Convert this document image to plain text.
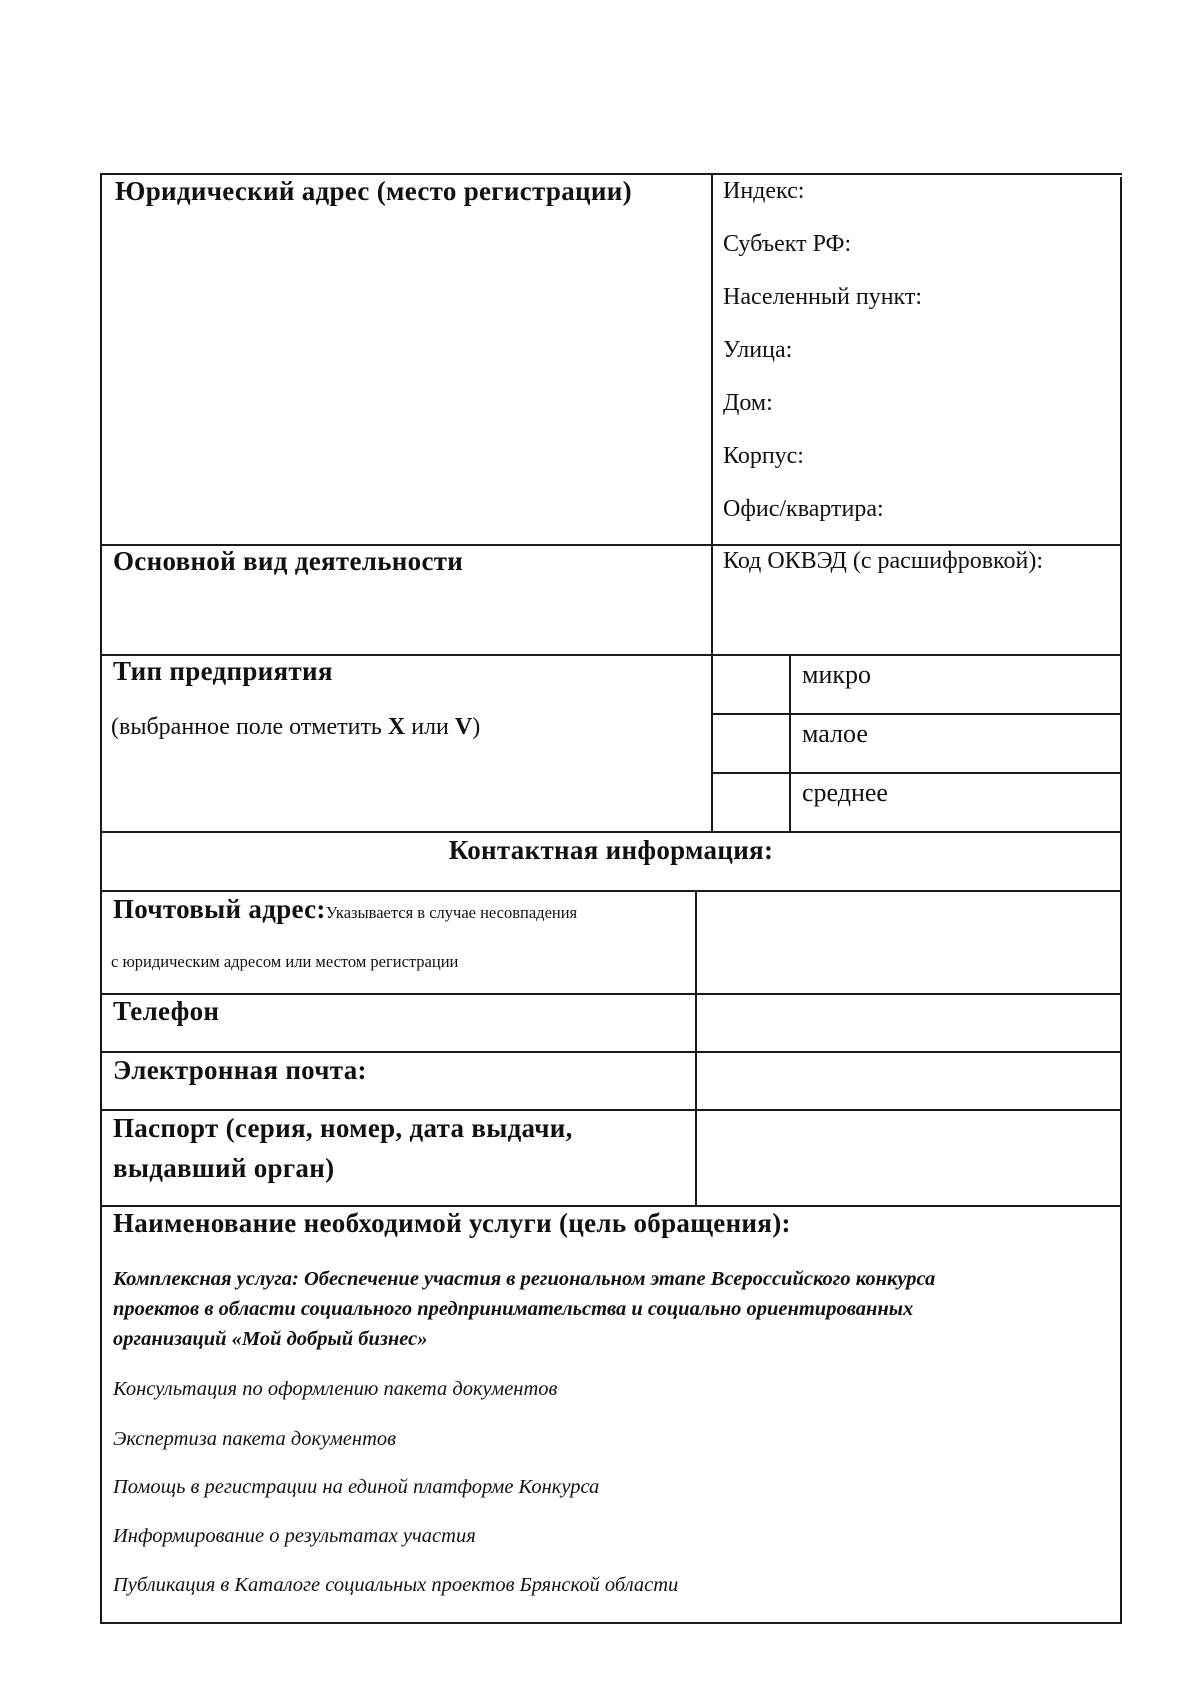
Юридический адрес (место регистрации)	Индекс:
Субъект РФ:
Населенный пункт:
Улица:
Дом:
Корпус:
Офис/квартира:
Основной вид деятельности	Код ОКВЭД (с расшифровкой):
Тип предприятия
(выбранное поле отметить X или V)
микро
малое
среднее
Контактная информация:
Почтовый адрес:Указывается в случае несовпадения
с юридическим адресом или местом регистрации
Телефон
Электронная почта:
Паспорт (серия, номер, дата выдачи,
выдавший орган)
Наименование необходимой услуги (цель обращения):
Комплексная услуга: Обеспечение участия в региональном этапе Всероссийского конкурса
проектов в области социального предпринимательства и социально ориентированных
организаций «Мой добрый бизнес»
Консультация по оформлению пакета документов
Экспертиза пакета документов
Помощь в регистрации на единой платформе Конкурса
Информирование о результатах участия
Публикация в Каталоге социальных проектов Брянской области
